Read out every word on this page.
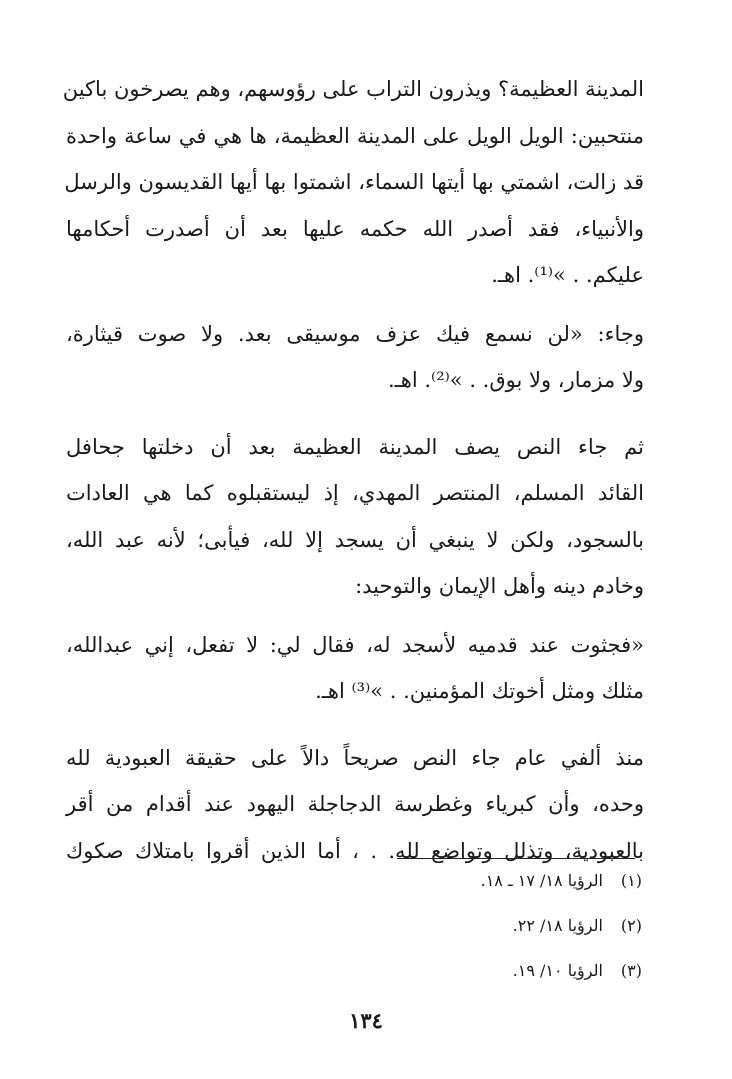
المدينة العظيمة؟ ويذرون التراب على رؤوسهم، وهم يصرخون باكين
منتحبين: الويل الويل على المدينة العظيمة، ها هي في ساعة واحدة
قد زالت، اشمتي بها أيتها السماء، اشمتوا بها أيها القديسون والرسل
والأنبياء، فقد أصدر الله حكمه عليها بعد أن أصدرت أحكامها
عليكم. . »⁽¹⁾. اهـ.

وجاء: «لن نسمع فيك عزف موسيقى بعد. ولا صوت قيثارة،
ولا مزمار، ولا بوق. . »⁽²⁾. اهـ.

ثم جاء النص يصف المدينة العظيمة بعد أن دخلتها جحافل
القائد المسلم، المنتصر المهدي، إذ ليستقبلوه كما هي العادات
بالسجود، ولكن لا ينبغي أن يسجد إلا لله، فيأبى؛ لأنه عبد الله،
وخادم دينه وأهل الإيمان والتوحيد:

«فجثوت عند قدميه لأسجد له، فقال لي: لا تفعل، إني عبدالله،
مثلك ومثل أخوتك المؤمنين. . »⁽³⁾ اهـ.

منذ ألفي عام جاء النص صريحاً دالاً على حقيقة العبودية لله
وحده، وأن كبرياء وغطرسة الدجاجلة اليهود عند أقدام من أقر
بالعبودية، وتذلل وتواضع لله. . ، أما الذين أقروا بامتلاك صكوك

(١) الرؤيا ١٨/ ١٧ ـ ١٨.
(٢) الرؤيا ١٨/ ٢٢.
(٣) الرؤيا ١٠/ ١٩.
١٣٤
